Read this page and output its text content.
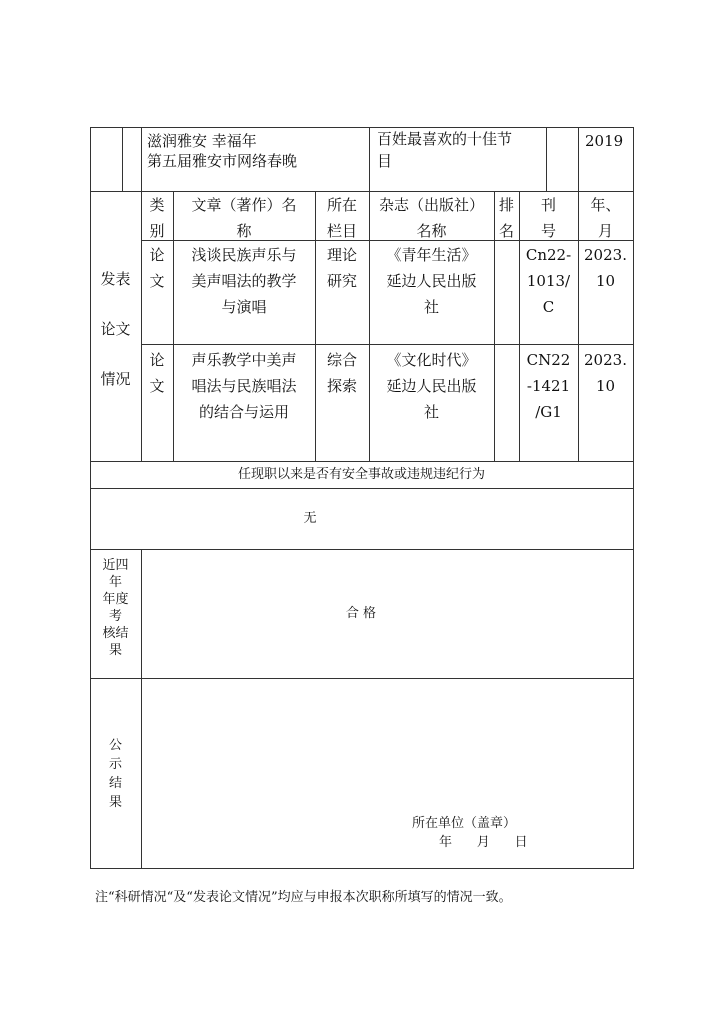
滋润雅安 幸福年
第五届雅安市网络春晚
百姓最喜欢的十佳节
目
2019
发表
论文
情况
类
别
文章（著作）名
称
所在
栏目
杂志（出版社）
名称
排
名
刊
号
年、
月
论
文
浅谈民族声乐与
美声唱法的教学
与演唱
理论
研究
《青年生活》
延边人民出版
社
Cn22-
1013/
C
2023.
10
论
文
声乐教学中美声
唱法与民族唱法
的结合与运用
综合
探索
《文化时代》
延边人民出版
社
CN22
-1421
/G1
2023.
10
任现职以来是否有安全事故或违规违纪行为
无
近四
年
年度
考
核结
果
合 格
公
示
结
果
所在单位（盖章）
年      月      日
注“科研情况“及“发表论文情况”均应与申报本次职称所填写的情况一致。
